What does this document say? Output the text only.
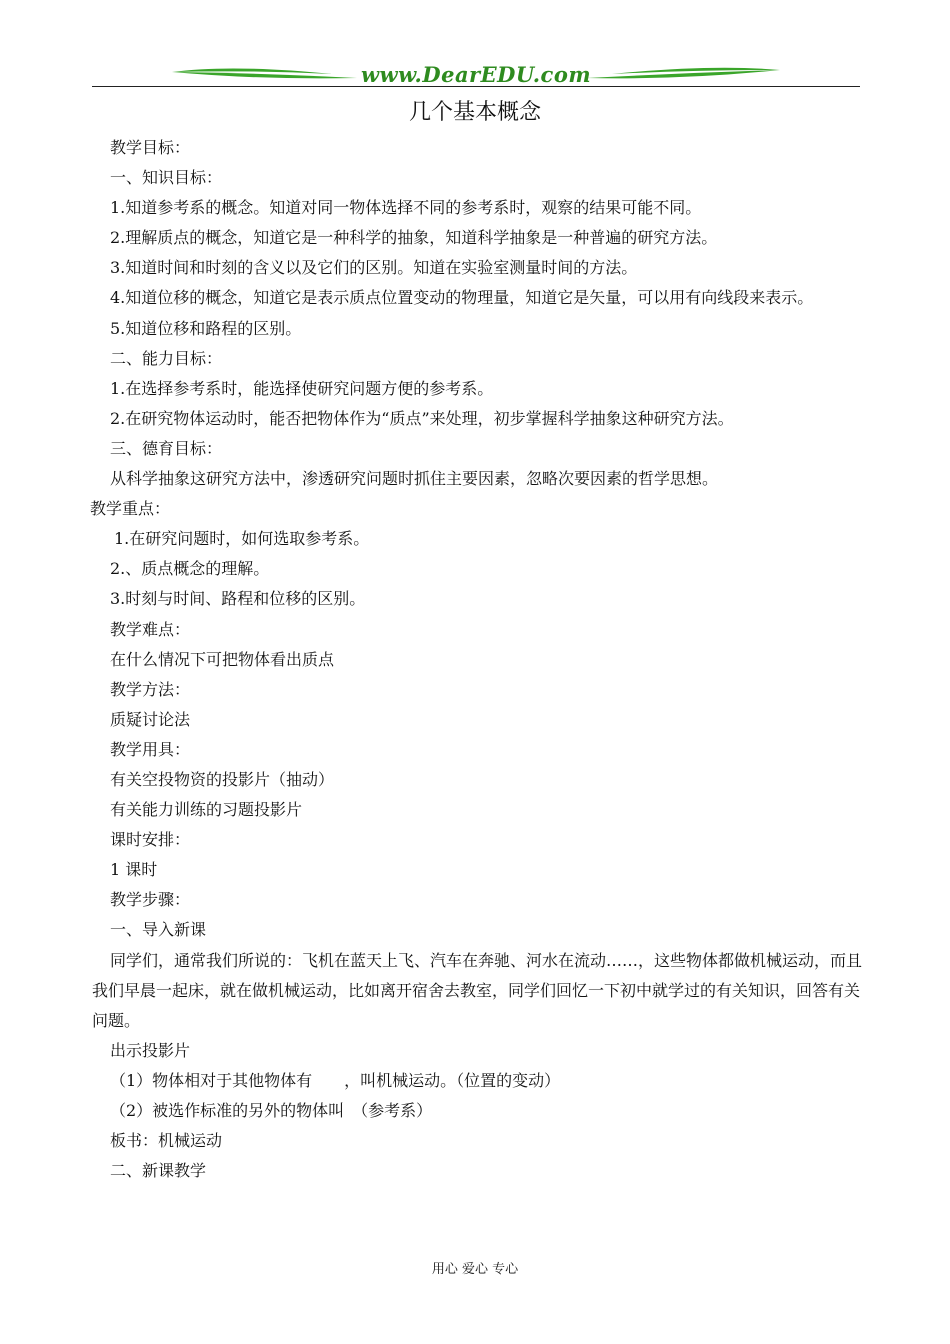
www.DearEDU.com
几个基本概念

教学目标：

一、知识目标：

1.知道参考系的概念。知道对同一物体选择不同的参考系时，观察的结果可能不同。

2.理解质点的概念，知道它是一种科学的抽象，知道科学抽象是一种普遍的研究方法。

3.知道时间和时刻的含义以及它们的区别。知道在实验室测量时间的方法。

4.知道位移的概念，知道它是表示质点位置变动的物理量，知道它是矢量，可以用有向线段来表示。

5.知道位移和路程的区别。

二、能力目标：

1.在选择参考系时，能选择使研究问题方便的参考系。

2.在研究物体运动时，能否把物体作为“质点”来处理，初步掌握科学抽象这种研究方法。

三、德育目标：

从科学抽象这研究方法中，渗透研究问题时抓住主要因素，忽略次要因素的哲学思想。

教学重点：

1.在研究问题时，如何选取参考系。

2.、质点概念的理解。

3.时刻与时间、路程和位移的区别。

教学难点：

在什么情况下可把物体看出质点

教学方法：

质疑讨论法

教学用具：

有关空投物资的投影片（抽动）

有关能力训练的习题投影片

课时安排：

1 课时

教学步骤：

一、导入新课

同学们，通常我们所说的：飞机在蓝天上飞、汽车在奔驰、河水在流动……，这些物体都做机械运动，而且我们早晨一起床，就在做机械运动，比如离开宿舍去教室，同学们回忆一下初中就学过的有关知识，回答有关问题。

出示投影片

（1）物体相对于其他物体有　　，叫机械运动。（位置的变动）

（2）被选作标准的另外的物体叫　（参考系）

板书：机械运动

二、新课教学

用心 爱心 专心
